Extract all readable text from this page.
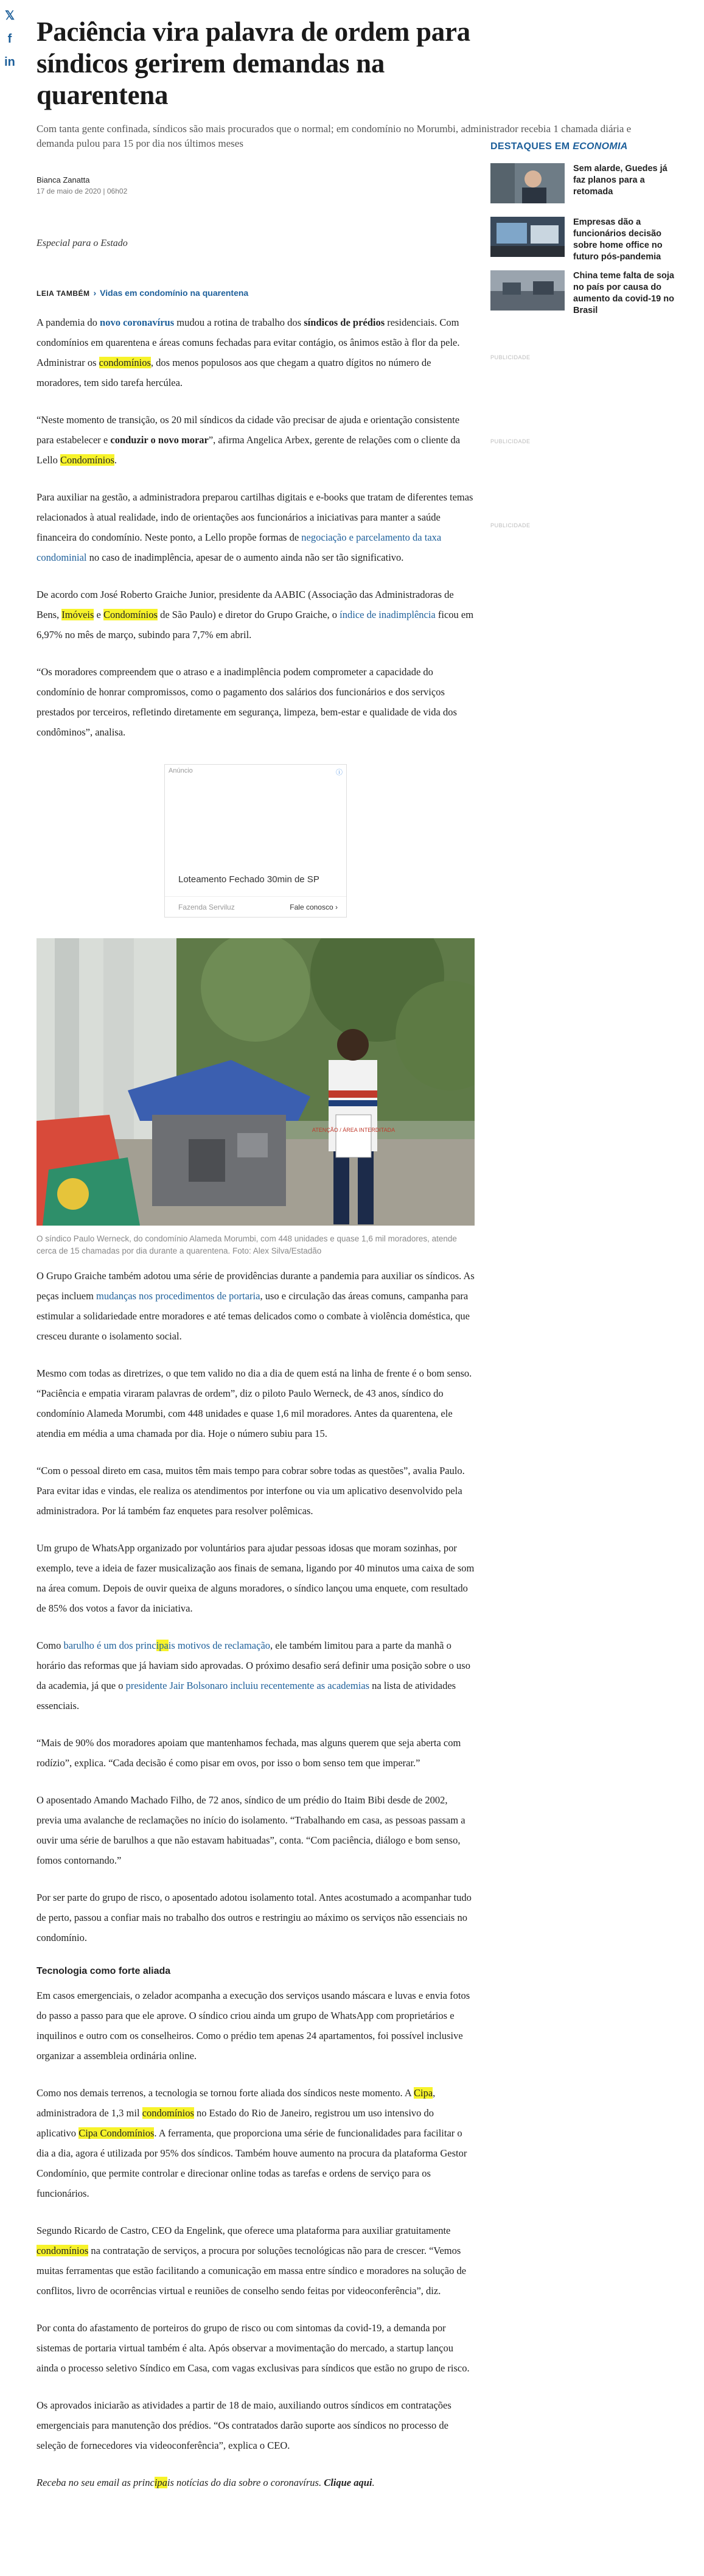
𝕏
f
in
Paciência vira palavra de ordem para síndicos gerirem demandas na quarentena
Com tanta gente confinada, síndicos são mais procurados que o normal; em condomínio no Morumbi, administrador recebia 1 chamada diária e demanda pulou para 15 por dia nos últimos meses
Bianca Zanatta
17 de maio de 2020 | 06h02
Especial para o Estado
LEIA TAMBÉM › Vidas em condomínio na quarentena
A pandemia do novo coronavírus mudou a rotina de trabalho dos síndicos de prédios residenciais. Com condomínios em quarentena e áreas comuns fechadas para evitar contágio, os ânimos estão à flor da pele. Administrar os condomínios, dos menos populosos aos que chegam a quatro dígitos no número de moradores, tem sido tarefa hercúlea.
“Neste momento de transição, os 20 mil síndicos da cidade vão precisar de ajuda e orientação consistente para estabelecer e conduzir o novo morar”, afirma Angelica Arbex, gerente de relações com o cliente da Lello Condomínios.
Para auxiliar na gestão, a administradora preparou cartilhas digitais e e-books que tratam de diferentes temas relacionados à atual realidade, indo de orientações aos funcionários a iniciativas para manter a saúde financeira do condomínio. Neste ponto, a Lello propõe formas de negociação e parcelamento da taxa condominial no caso de inadimplência, apesar de o aumento ainda não ser tão significativo.
De acordo com José Roberto Graiche Junior, presidente da AABIC (Associação das Administradoras de Bens, Imóveis e Condomínios de São Paulo) e diretor do Grupo Graiche, o índice de inadimplência ficou em 6,97% no mês de março, subindo para 7,7% em abril.
“Os moradores compreendem que o atraso e a inadimplência podem comprometer a capacidade do condomínio de honrar compromissos, como o pagamento dos salários dos funcionários e dos serviços prestados por terceiros, refletindo diretamente em segurança, limpeza, bem-estar e qualidade de vida dos condôminos”, analisa.
Anúncio	ⓘ
Loteamento Fechado 30min de SP
Fazenda Serviluz	Fale conosco ›
ATENÇÃO / ÁREA INTERDITADA
O síndico Paulo Werneck, do condomínio Alameda Morumbi, com 448 unidades e quase 1,6 mil moradores, atende cerca de 15 chamadas por dia durante a quarentena. Foto: Alex Silva/Estadão
O Grupo Graiche também adotou uma série de providências durante a pandemia para auxiliar os síndicos. As peças incluem mudanças nos procedimentos de portaria, uso e circulação das áreas comuns, campanha para estimular a solidariedade entre moradores e até temas delicados como o combate à violência doméstica, que cresceu durante o isolamento social.
Mesmo com todas as diretrizes, o que tem valido no dia a dia de quem está na linha de frente é o bom senso. “Paciência e empatia viraram palavras de ordem”, diz o piloto Paulo Werneck, de 43 anos, síndico do condomínio Alameda Morumbi, com 448 unidades e quase 1,6 mil moradores. Antes da quarentena, ele atendia em média a uma chamada por dia. Hoje o número subiu para 15.
“Com o pessoal direto em casa, muitos têm mais tempo para cobrar sobre todas as questões”, avalia Paulo. Para evitar idas e vindas, ele realiza os atendimentos por interfone ou via um aplicativo desenvolvido pela administradora. Por lá também faz enquetes para resolver polêmicas.
Um grupo de WhatsApp organizado por voluntários para ajudar pessoas idosas que moram sozinhas, por exemplo, teve a ideia de fazer musicalização aos finais de semana, ligando por 40 minutos uma caixa de som na área comum. Depois de ouvir queixa de alguns moradores, o síndico lançou uma enquete, com resultado de 85% dos votos a favor da iniciativa.
Como barulho é um dos principais motivos de reclamação, ele também limitou para a parte da manhã o horário das reformas que já haviam sido aprovadas. O próximo desafio será definir uma posição sobre o uso da academia, já que o presidente Jair Bolsonaro incluiu recentemente as academias na lista de atividades essenciais.
“Mais de 90% dos moradores apoiam que mantenhamos fechada, mas alguns querem que seja aberta com rodízio”, explica. “Cada decisão é como pisar em ovos, por isso o bom senso tem que imperar.”
O aposentado Amando Machado Filho, de 72 anos, síndico de um prédio do Itaim Bibi desde de 2002, previa uma avalanche de reclamações no início do isolamento. “Trabalhando em casa, as pessoas passam a ouvir uma série de barulhos a que não estavam habituadas”, conta. “Com paciência, diálogo e bom senso, fomos contornando.”
Por ser parte do grupo de risco, o aposentado adotou isolamento total. Antes acostumado a acompanhar tudo de perto, passou a confiar mais no trabalho dos outros e restringiu ao máximo os serviços não essenciais no condomínio.
Tecnologia como forte aliada
Em casos emergenciais, o zelador acompanha a execução dos serviços usando máscara e luvas e envia fotos do passo a passo para que ele aprove. O síndico criou ainda um grupo de WhatsApp com proprietários e inquilinos e outro com os conselheiros. Como o prédio tem apenas 24 apartamentos, foi possível inclusive organizar a assembleia ordinária online.
Como nos demais terrenos, a tecnologia se tornou forte aliada dos síndicos neste momento. A Cipa, administradora de 1,3 mil condomínios no Estado do Rio de Janeiro, registrou um uso intensivo do aplicativo Cipa Condomínios. A ferramenta, que proporciona uma série de funcionalidades para facilitar o dia a dia, agora é utilizada por 95% dos síndicos. Também houve aumento na procura da plataforma Gestor Condomínio, que permite controlar e direcionar online todas as tarefas e ordens de serviço para os funcionários.
Segundo Ricardo de Castro, CEO da Engelink, que oferece uma plataforma para auxiliar gratuitamente condomínios na contratação de serviços, a procura por soluções tecnológicas não para de crescer. “Vemos muitas ferramentas que estão facilitando a comunicação em massa entre síndico e moradores na solução de conflitos, livro de ocorrências virtual e reuniões de conselho sendo feitas por videoconferência”, diz.
Por conta do afastamento de porteiros do grupo de risco ou com sintomas da covid-19, a demanda por sistemas de portaria virtual também é alta. Após observar a movimentação do mercado, a startup lançou ainda o processo seletivo Síndico em Casa, com vagas exclusivas para síndicos que estão no grupo de risco.
Os aprovados iniciarão as atividades a partir de 18 de maio, auxiliando outros síndicos em contratações emergenciais para manutenção dos prédios. “Os contratados darão suporte aos síndicos no processo de seleção de fornecedores via videoconferência”, explica o CEO.
Receba no seu email as principais notícias do dia sobre o coronavírus. Clique aqui.
DESTAQUES EM ECONOMIA
Sem alarde, Guedes já faz planos para a retomada
Empresas dão a funcionários decisão sobre home office no futuro pós-pandemia
China teme falta de soja no país por causa do aumento da covid-19 no Brasil
PUBLICIDADE
PUBLICIDADE
PUBLICIDADE
